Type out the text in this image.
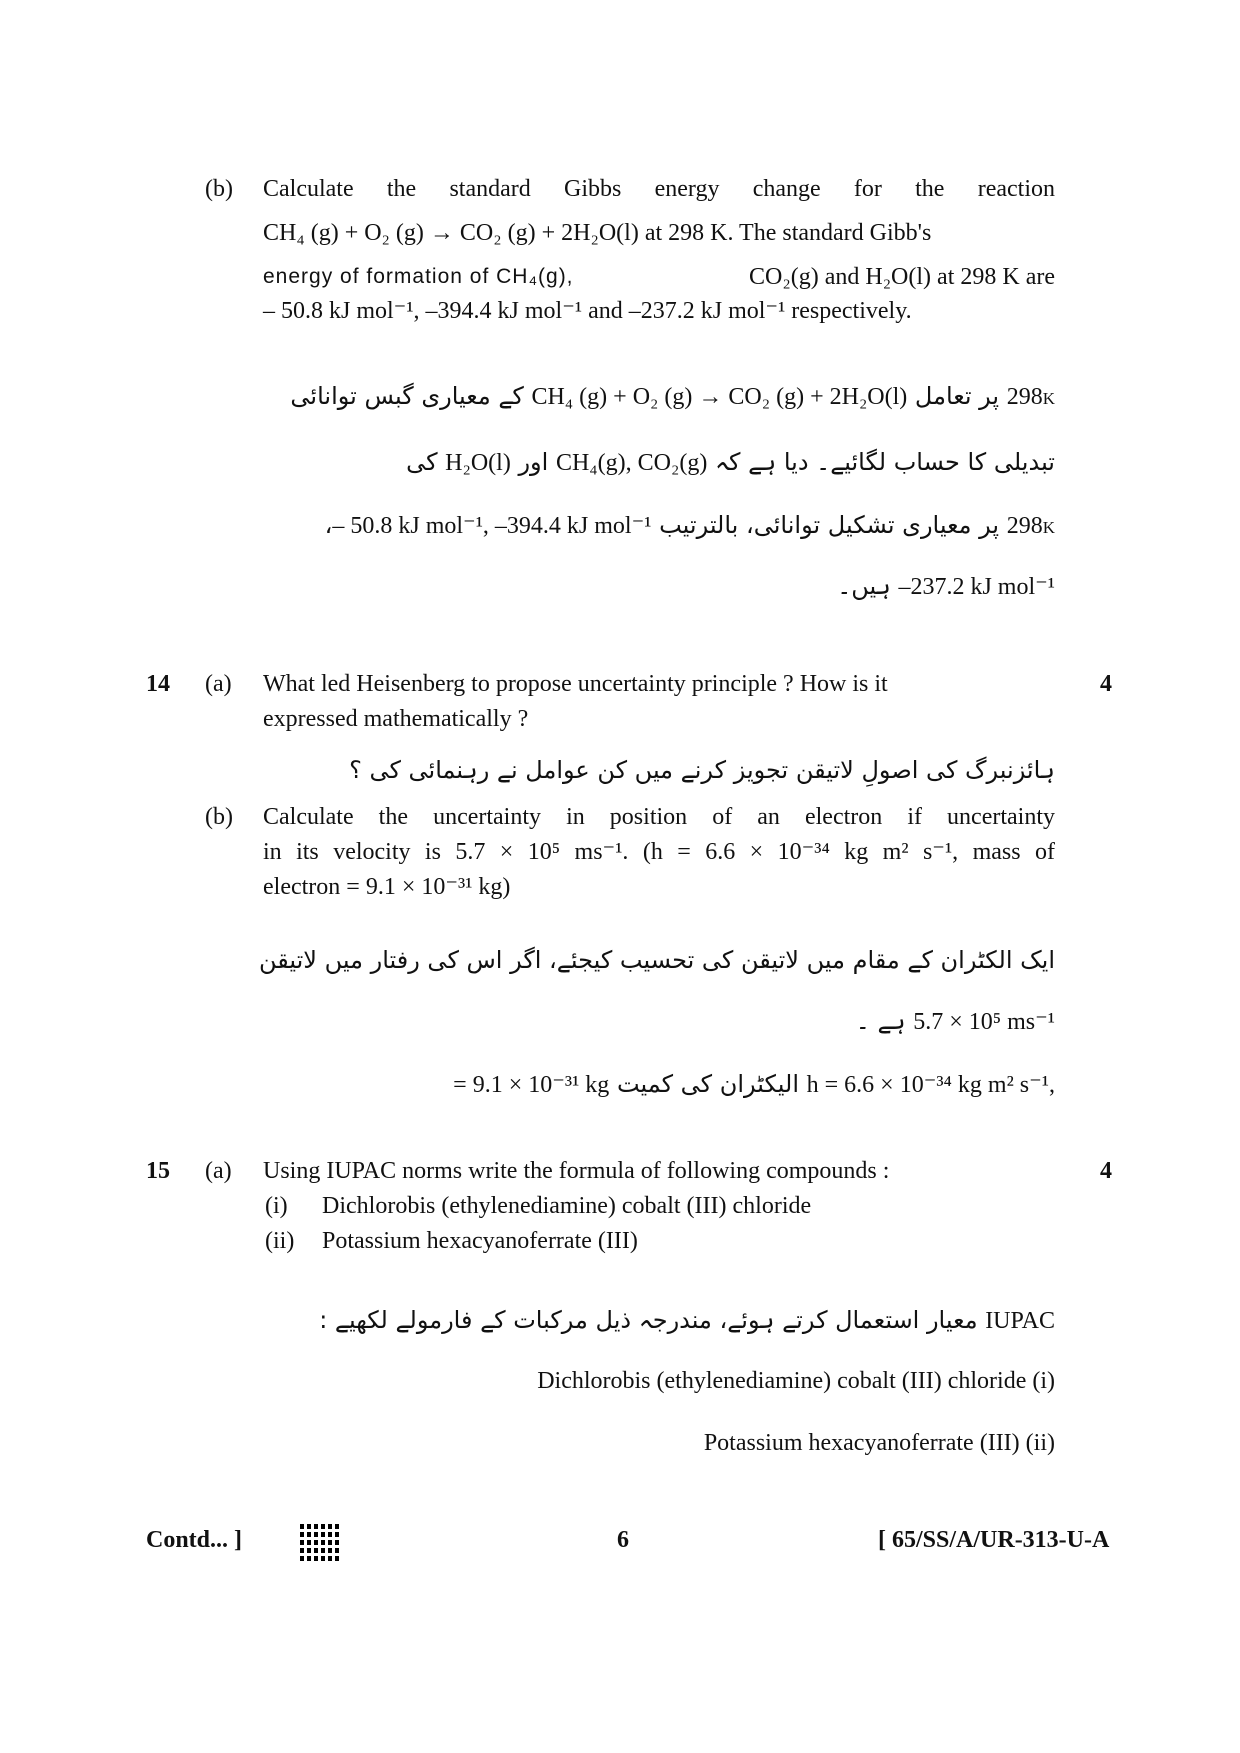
(b) Calculate the standard Gibbs energy change for the reaction
CH₄ (g) + O₂ (g) → CO₂ (g) + 2H₂O(l) at 298 K. The standard Gibb's
energy of formation of CH₄(g),	CO₂(g) and H₂O(l) at 298 K are
– 50.8 kJ mol⁻¹, –394.4 kJ mol⁻¹ and –237.2 kJ mol⁻¹ respectively.
298K پر تعامل CH₄ (g) + O₂ (g) → CO₂ (g) + 2H₂O(l) کے معیاری گبس توانائی
تبدیلی کا حساب لگائیے۔ دیا ہے کہ CH₄(g), CO₂(g) اور H₂O(l) کی
298K پر معیاری تشکیل توانائی، بالترتیب – 50.8 kJ mol⁻¹, –394.4 kJ mol⁻¹،
–237.2 kJ mol⁻¹ ہیں۔
14 (a)	4
What led Heisenberg to propose uncertainty principle ? How is it
expressed mathematically ?
ہائزنبرگ کی اصولِ لاتیقن تجویز کرنے میں کن عوامل نے رہنمائی کی ؟
(b) Calculate the uncertainty in position of an electron if uncertainty
in its velocity is 5.7 × 10⁵ ms⁻¹. (h = 6.6 × 10⁻³⁴ kg m² s⁻¹, mass of
electron = 9.1 × 10⁻³¹ kg)
ایک الکٹران کے مقام میں لاتیقن کی تحسیب کیجئے، اگر اس کی رفتار میں لاتیقن
5.7 × 10⁵ ms⁻¹ ہے ۔
h = 6.6 × 10⁻³⁴ kg m² s⁻¹, الیکٹران کی کمیت = 9.1 × 10⁻³¹ kg
15 (a)	4
Using IUPAC norms write the formula of following compounds :
(i) Dichlorobis (ethylenediamine) cobalt (III) chloride
(ii) Potassium hexacyanoferrate (III)
IUPAC معیار استعمال کرتے ہوئے، مندرجہ ذیل مرکبات کے فارمولے لکھیے :
Dichlorobis (ethylenediamine) cobalt (III) chloride (i)
Potassium hexacyanoferrate (III) (ii)
Contd... ]	6	[ 65/SS/A/UR-313-U-A
